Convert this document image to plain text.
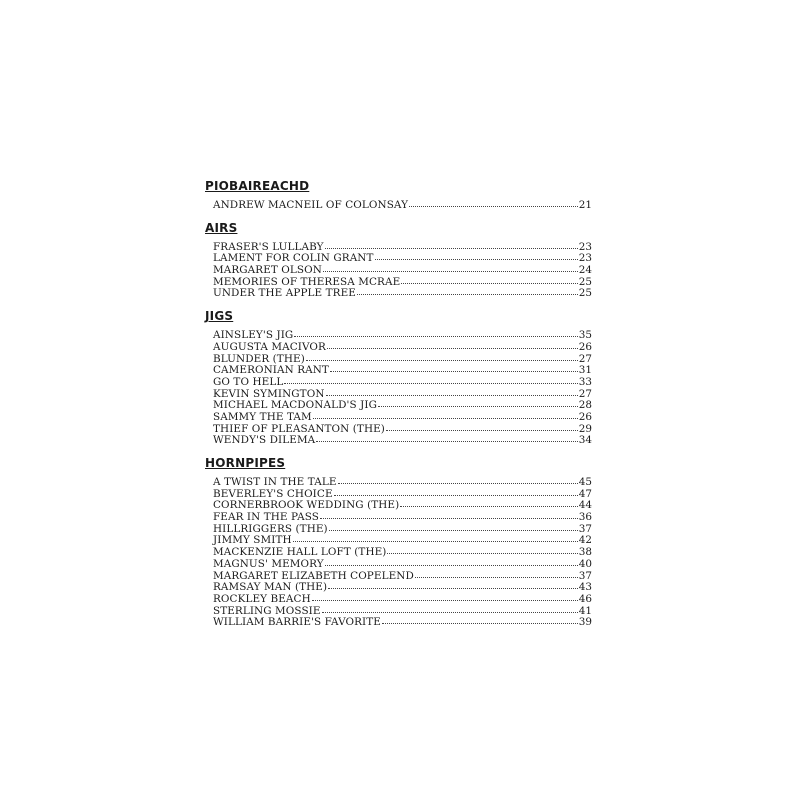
PIOBAIREACHD
ANDREW MACNEIL OF COLONSAY	21
AIRS
FRASER'S LULLABY	23
LAMENT FOR COLIN GRANT	23
MARGARET OLSON	24
MEMORIES OF THERESA MCRAE	25
UNDER THE APPLE TREE	25
JIGS
AINSLEY'S JIG	35
AUGUSTA MACIVOR	26
BLUNDER (THE)	27
CAMERONIAN RANT	31
GO TO HELL	33
KEVIN SYMINGTON	27
MICHAEL MACDONALD'S JIG	28
SAMMY THE TAM	26
THIEF OF PLEASANTON (THE)	29
WENDY'S DILEMA	34
HORNPIPES
A TWIST IN THE TALE	45
BEVERLEY'S CHOICE	47
CORNERBROOK WEDDING (THE)	44
FEAR IN THE PASS	36
HILLRIGGERS (THE)	37
JIMMY SMITH	42
MACKENZIE HALL LOFT (THE)	38
MAGNUS' MEMORY	40
MARGARET ELIZABETH COPELEND	37
RAMSAY MAN (THE)	43
ROCKLEY BEACH	46
STERLING MOSSIE	41
WILLIAM BARRIE'S FAVORITE	39
